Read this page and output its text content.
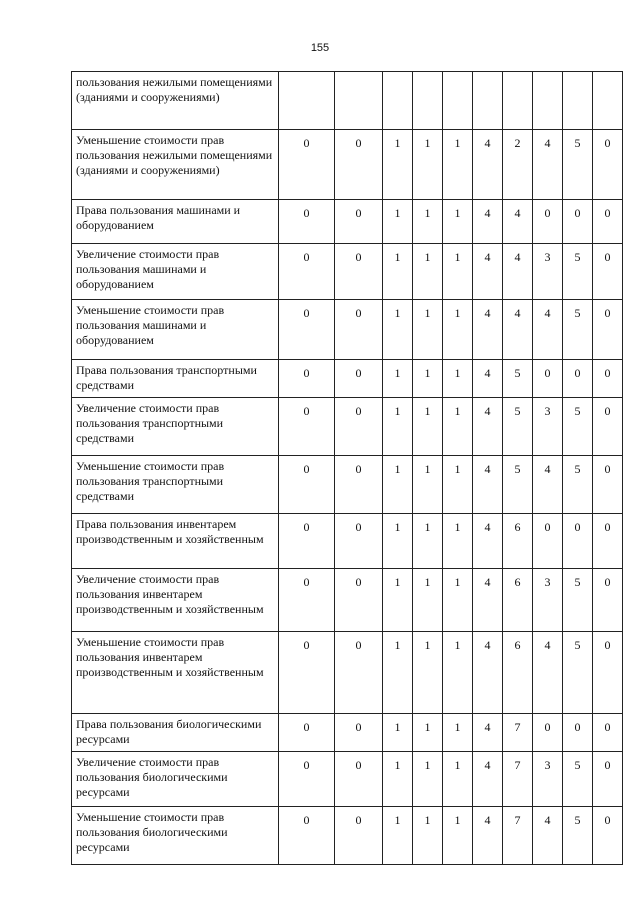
155
пользования нежилыми помещениями (зданиями и сооружениями)										
Уменьшение стоимости прав пользования нежилыми помещениями (зданиями и сооружениями)	0	0	1	1	1	4	2	4	5	0
Права пользования машинами и оборудованием	0	0	1	1	1	4	4	0	0	0
Увеличение стоимости прав пользования машинами и оборудованием	0	0	1	1	1	4	4	3	5	0
Уменьшение стоимости прав пользования машинами и оборудованием	0	0	1	1	1	4	4	4	5	0
Права пользования транспортными средствами	0	0	1	1	1	4	5	0	0	0
Увеличение стоимости прав пользования транспортными средствами	0	0	1	1	1	4	5	3	5	0
Уменьшение стоимости прав пользования транспортными средствами	0	0	1	1	1	4	5	4	5	0
Права пользования инвентарем производственным и хозяйственным	0	0	1	1	1	4	6	0	0	0
Увеличение стоимости прав пользования инвентарем производственным и хозяйственным	0	0	1	1	1	4	6	3	5	0
Уменьшение стоимости прав пользования инвентарем производственным и хозяйственным	0	0	1	1	1	4	6	4	5	0
Права пользования биологическими ресурсами	0	0	1	1	1	4	7	0	0	0
Увеличение стоимости прав пользования биологическими ресурсами	0	0	1	1	1	4	7	3	5	0
Уменьшение стоимости прав пользования биологическими ресурсами	0	0	1	1	1	4	7	4	5	0
